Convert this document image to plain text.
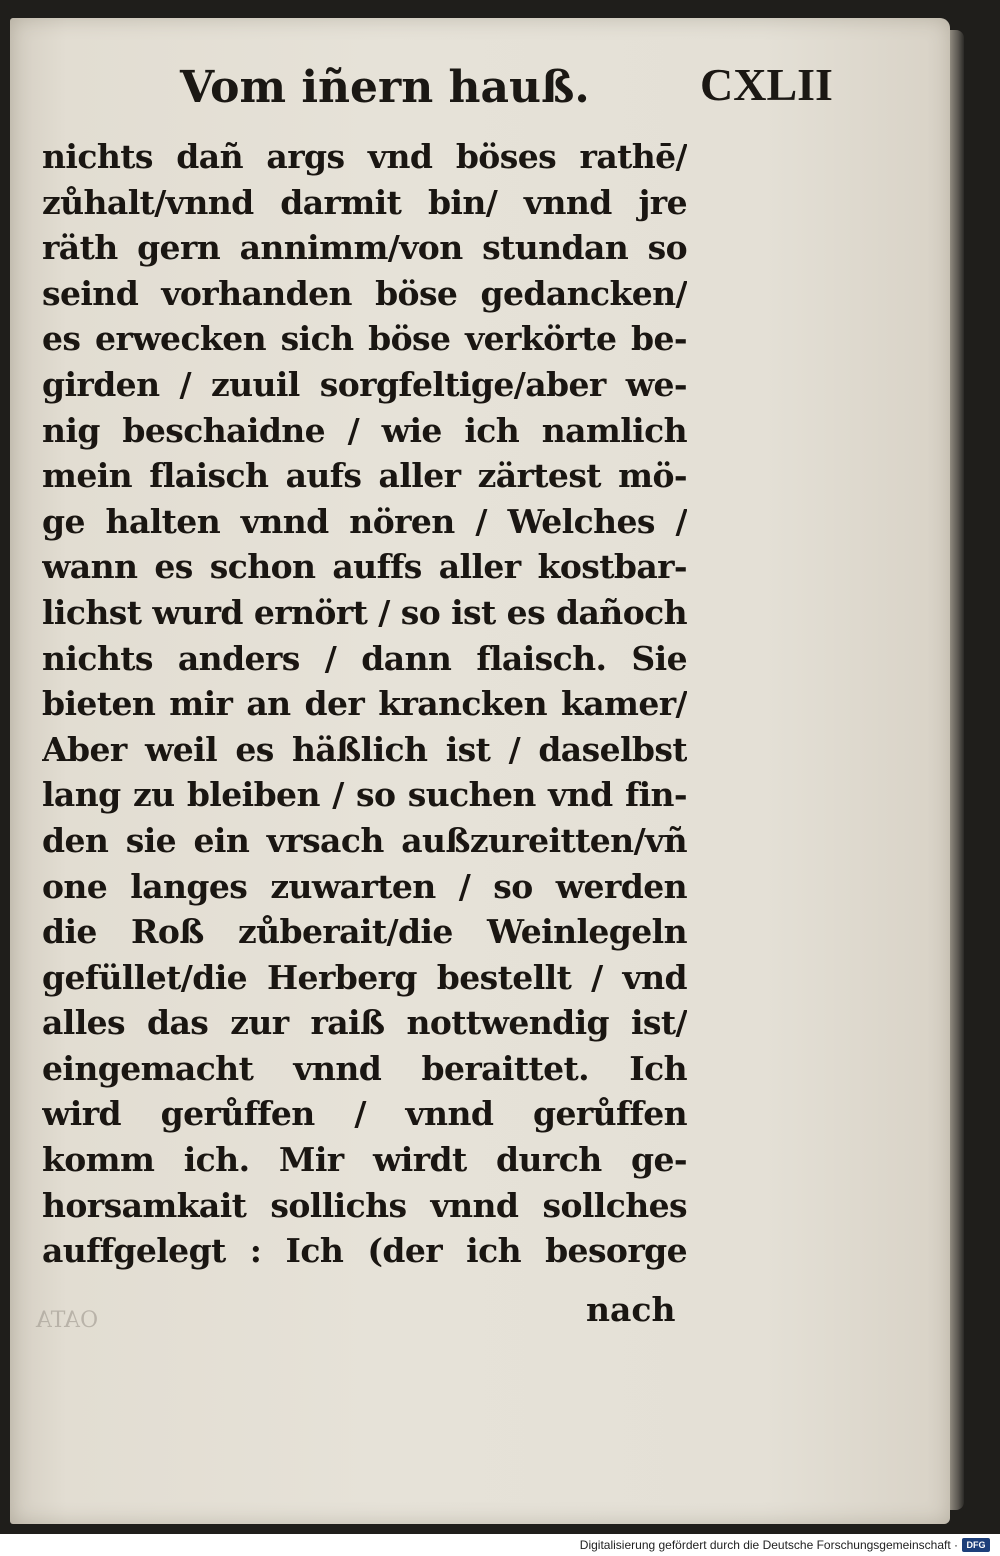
Vom iñern hauß. CXLII
nichts dañ args vnd böses rathē/
zůhalt/vnnd darmit bin/ vnnd jre
räth gern annimm/von stundan so
seind vorhanden böse gedancken/
es erwecken sich böse verkörte be-
girden / zuuil sorgfeltige/aber we-
nig beschaidne / wie ich namlich
mein flaisch aufs aller zärtest mö-
ge halten vnnd nören / Welches /
wann es schon auffs aller kostbar-
lichst wurd ernört / so ist es dañoch
nichts anders / dann flaisch. Sie
bieten mir an der krancken kamer/
Aber weil es häßlich ist / daselbst
lang zu bleiben / so suchen vnd fin-
den sie ein vrsach außzureitten/vñ
one langes zuwarten / so werden
die Roß zůberait/die Weinlegeln
gefüllet/die Herberg bestellt / vnd
alles das zur raiß nottwendig ist/
eingemacht vnnd beraittet. Ich
wird gerůffen / vnnd gerůffen
komm ich. Mir wirdt durch ge-
horsamkait sollichs vnnd sollches
auffgelegt : Ich (der ich besorge
nach
OATA
Digitalisierung gefördert durch die Deutsche Forschungsgemeinschaft · DFG
